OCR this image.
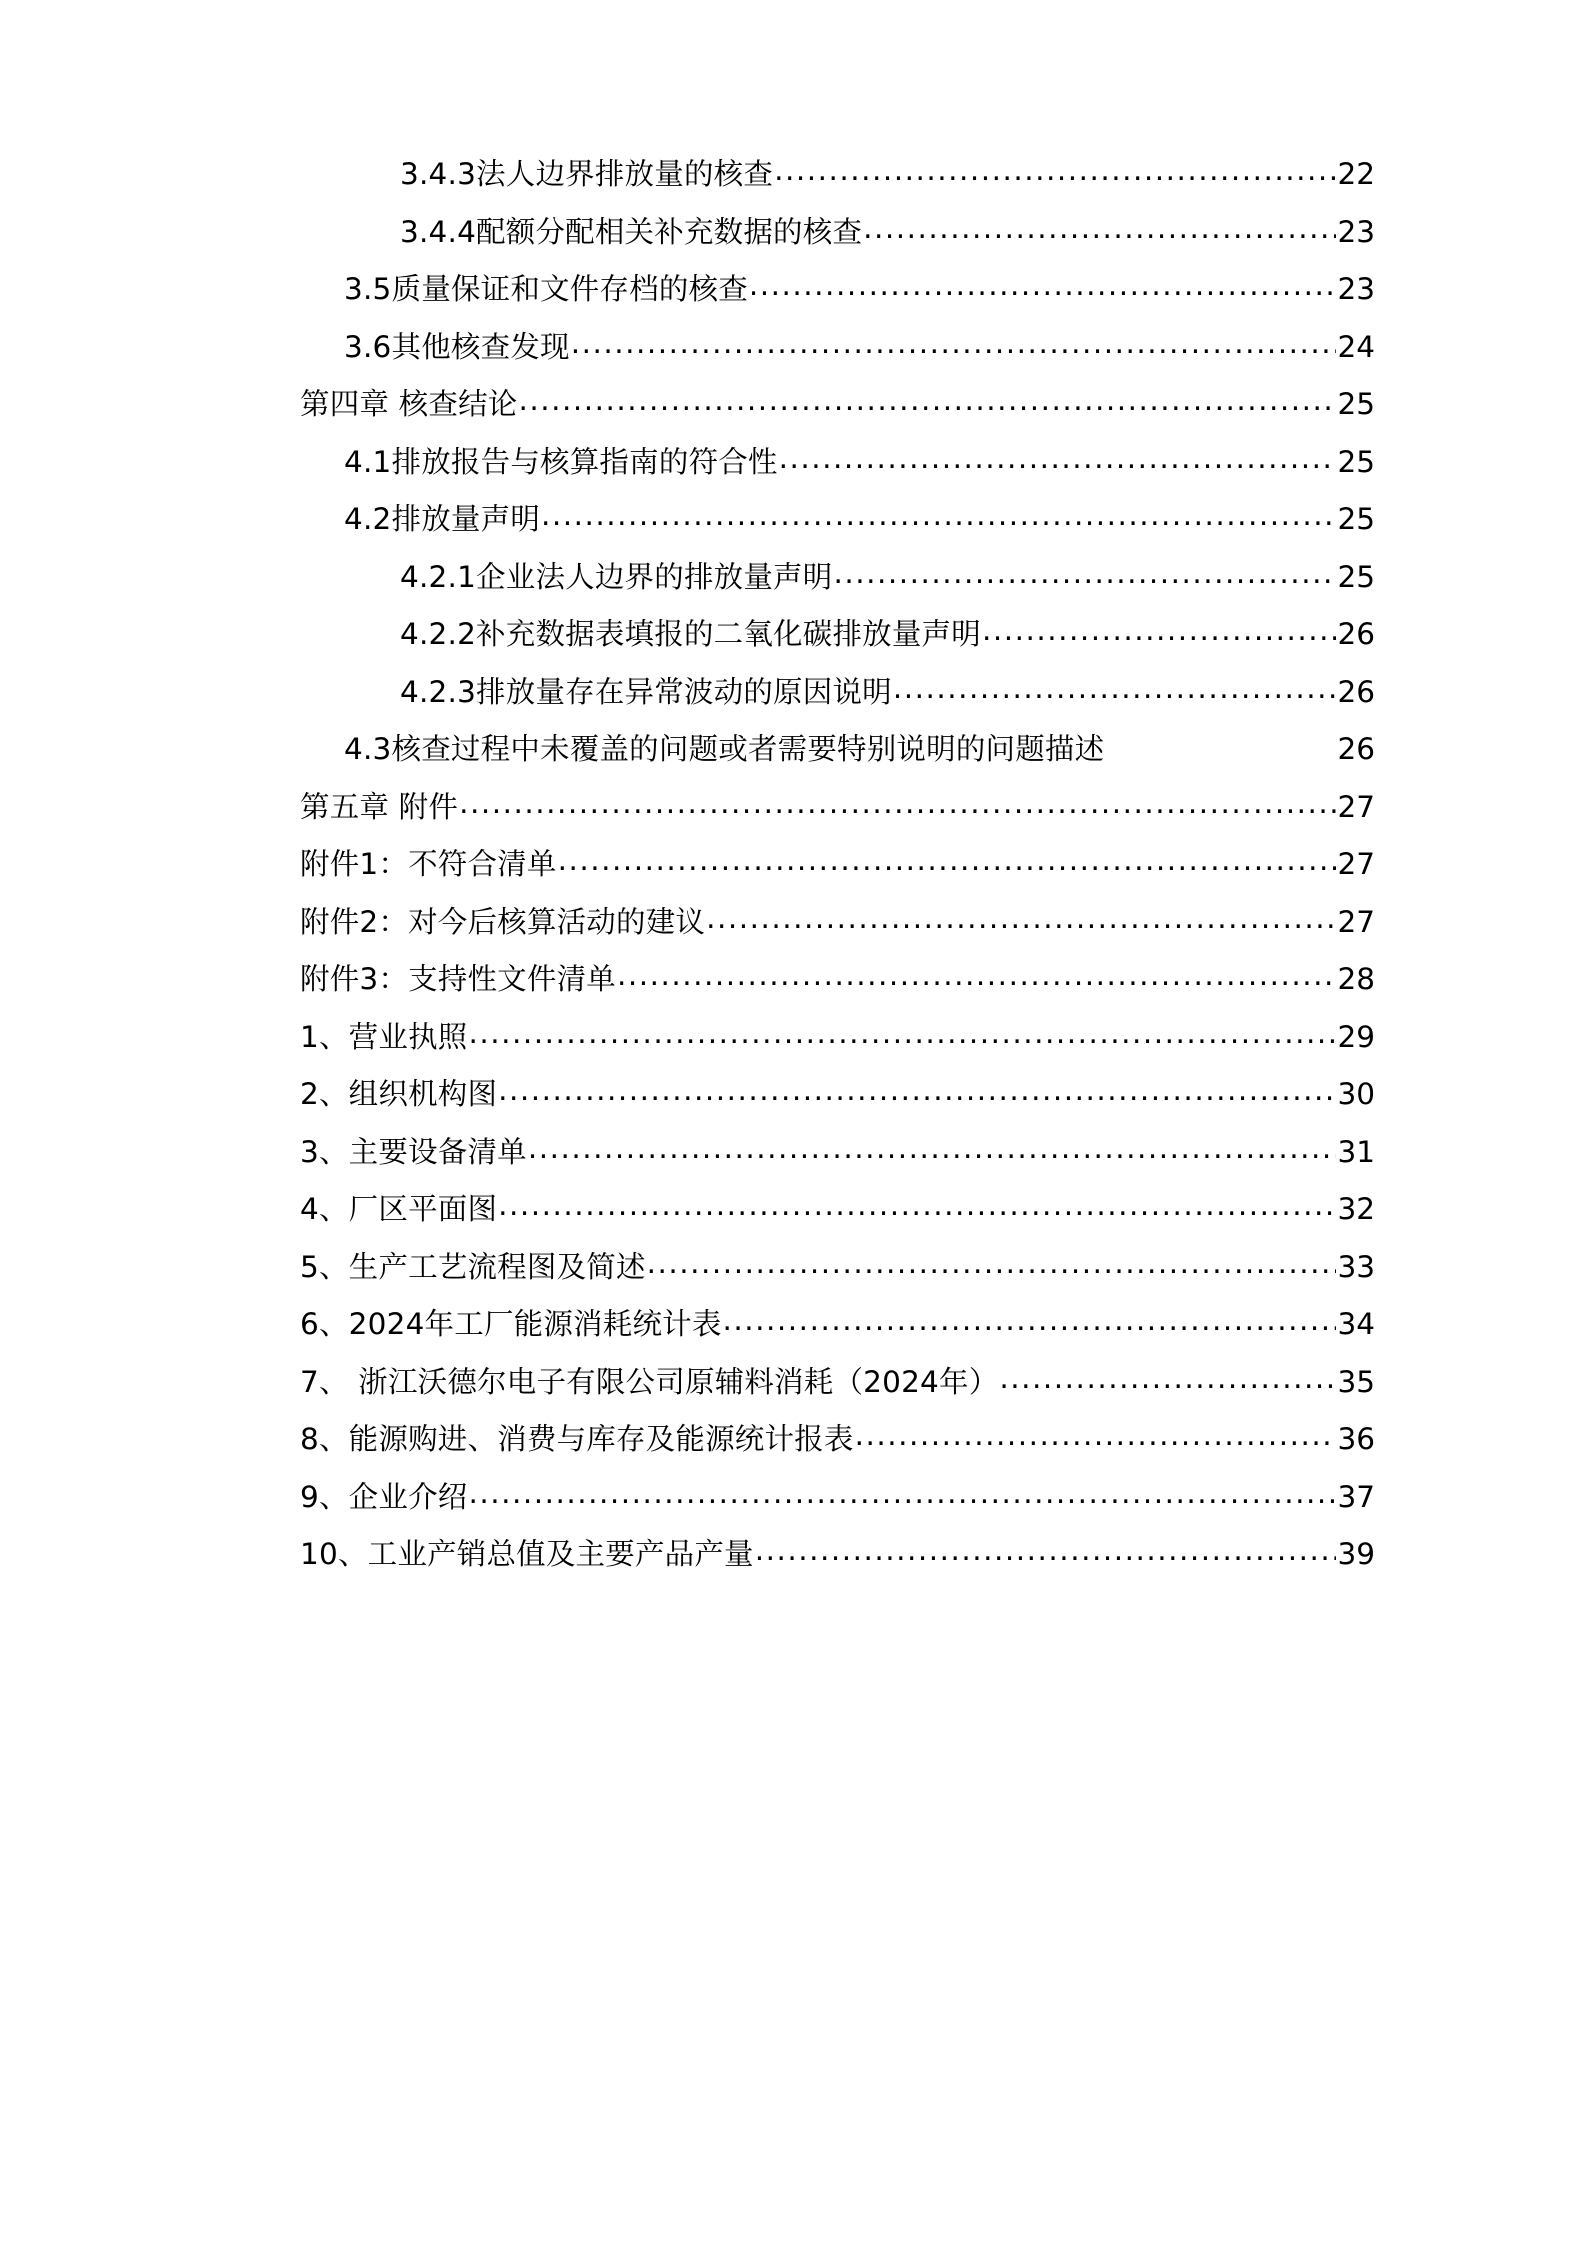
3.4.3法人边界排放量的核查 .....	22
3.4.4配额分配相关补充数据的核查 .....	23
3.5质量保证和文件存档的核查 .....	23
3.6其他核查发现 .....	24
第四章 核查结论 .....	25
4.1排放报告与核算指南的符合性 .....	25
4.2排放量声明 .....	25
4.2.1企业法人边界的排放量声明 .....	25
4.2.2补充数据表填报的二氧化碳排放量声明 .....	26
4.2.3排放量存在异常波动的原因说明 .....	26
4.3核查过程中未覆盖的问题或者需要特别说明的问题描述	26
第五章 附件 .....	27
附件1：不符合清单 .....	27
附件2：对今后核算活动的建议 .....	27
附件3：支持性文件清单 .....	28
1、营业执照 .....	29
2、组织机构图 .....	30
3、主要设备清单 .....	31
4、厂区平面图 .....	32
5、生产工艺流程图及简述 .....	33
6、2024年工厂能源消耗统计表 .....	34
7、 浙江沃德尔电子有限公司原辅料消耗（2024年） .....	35
8、能源购进、消费与库存及能源统计报表 .....	36
9、企业介绍 .....	37
10、工业产销总值及主要产品产量 .....	39
